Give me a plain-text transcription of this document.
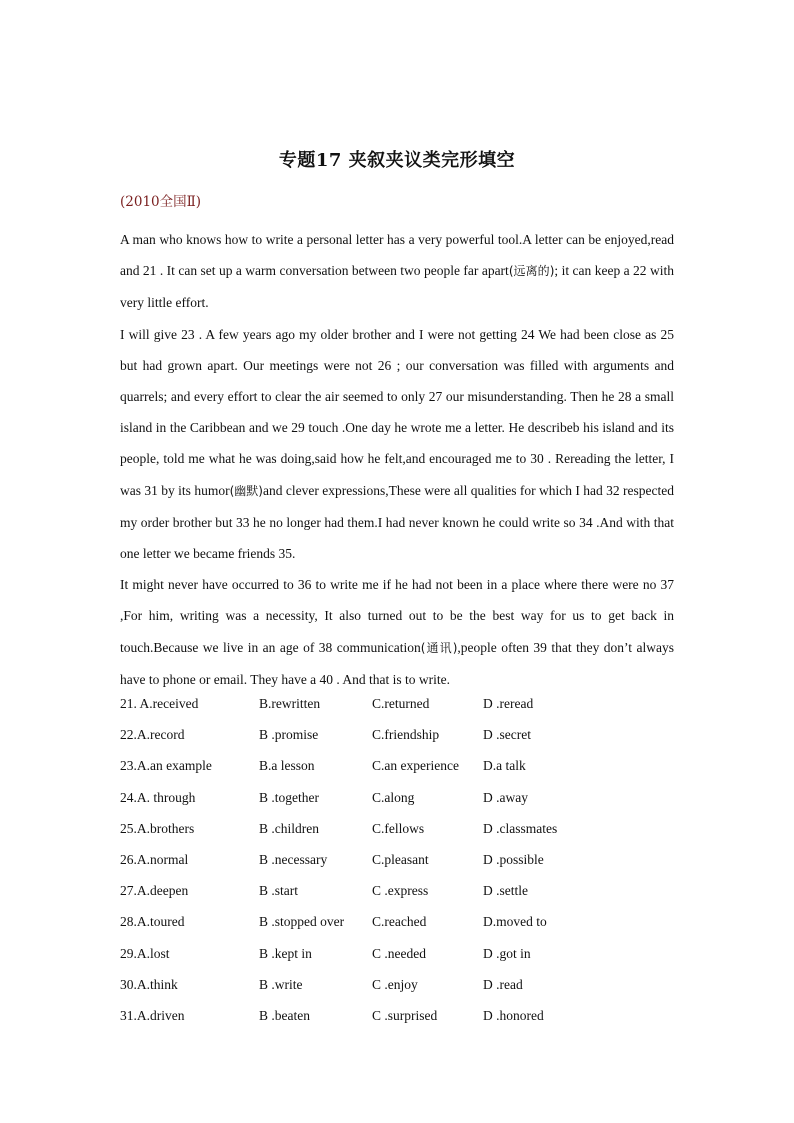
专题17 夹叙夹议类完形填空
(2010全国Ⅱ)

A man who knows how to write a personal letter has a very powerful tool.A letter can be enjoyed,read and 21 . It can set up a warm conversation between two people far apart(远离的); it can keep a 22 with very little effort.

I will give 23 . A few years ago my older brother and I were not getting 24 We had been close as 25 but had grown apart. Our meetings were not 26 ; our conversation was filled with arguments and quarrels; and every effort to clear the air seemed to only 27 our misunderstanding. Then he 28 a small island in the Caribbean and we 29 touch .One day he wrote me a letter. He describeb his island and its people, told me what he was doing,said how he felt,and encouraged me to 30 . Rereading the letter, I was 31 by its humor(幽默)and clever expressions,These were all qualities for which I had 32 respected my order brother but 33 he no longer had them.I had never known he could write so 34 .And with that one letter we became friends 35.

It might never have occurred to 36 to write me if he had not been in a place where there were no 37 ,For him, writing was a necessity, It also turned out to be the best way for us to get back in touch.Because we live in an age of 38 communication(通讯),people often 39 that they don’t always have to phone or email. They have a 40 . And that is to write.

21. A.received	B.rewritten	C.returned	D .reread
22.A.record	B .promise	C.friendship	D .secret
23.A.an example	B.a lesson	C.an experience D.a talk
24.A. through	B .together	C.along	D .away
25.A.brothers	B .children	C.fellows	D .classmates
26.A.normal	B .necessary	C.pleasant	D .possible
27.A.deepen	B .start	C .express	D .settle
28.A.toured	B .stopped over C.reached	D.moved to
29.A.lost	B .kept in	C .needed	D .got in
30.A.think	B .write	C .enjoy	D .read
31.A.driven	B .beaten	C .surprised	D .honored
